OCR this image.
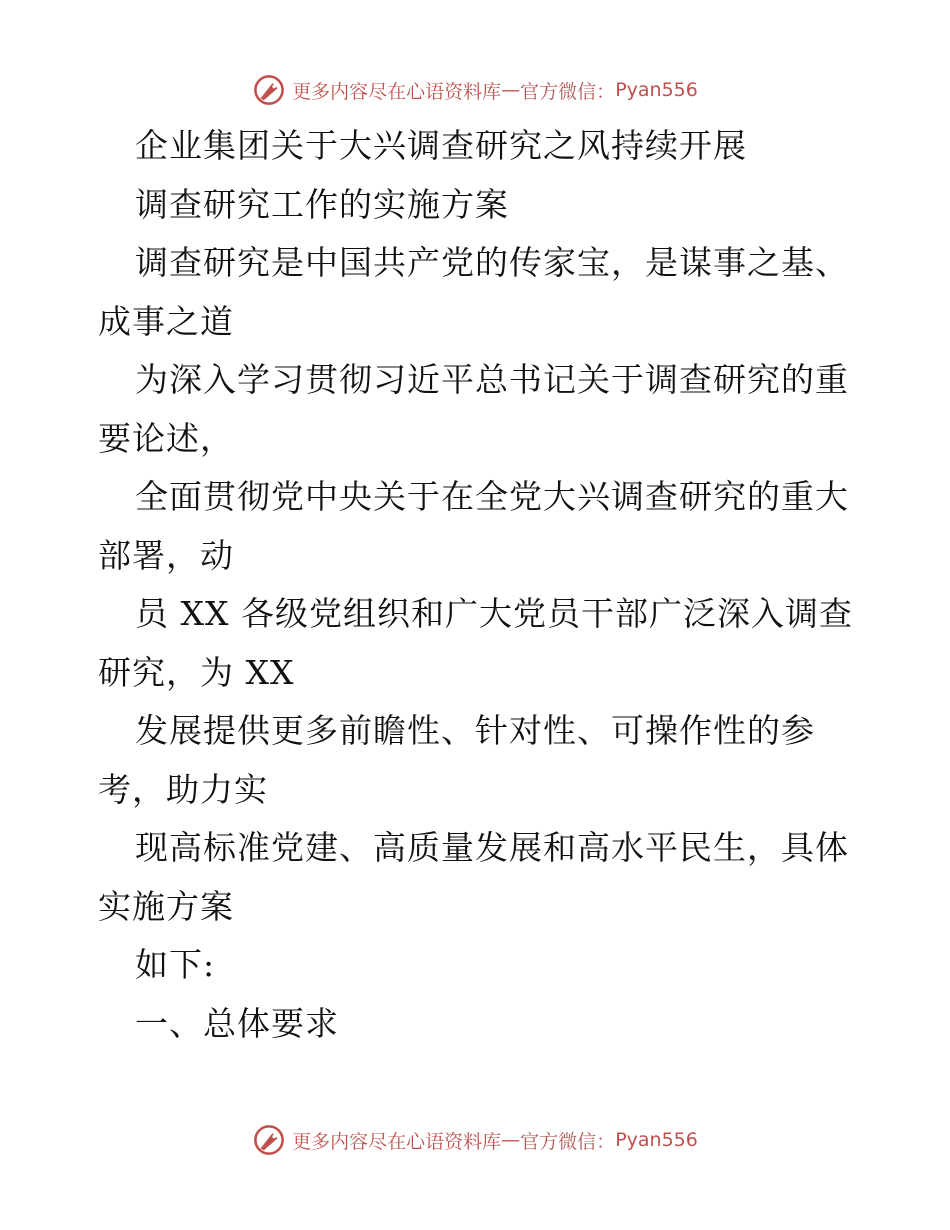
更多内容尽在心语资料库 — 官方微信： Pyan556
企业集团关于大兴调查研究之风持续开展
调查研究工作的实施方案
调查研究是中国共产党的传家宝，是谋事之基、
成事之道
为深入学习贯彻习近平总书记关于调查研究的重
要论述，
全面贯彻党中央关于在全党大兴调查研究的重大
部署，动
员 XX 各级党组织和广大党员干部广泛深入调查
研究，为 XX
发展提供更多前瞻性、针对性、可操作性的参
考，助力实
现高标准党建、高质量发展和高水平民生，具体
实施方案
如下:
一、总体要求
更多内容尽在心语资料库 — 官方微信： Pyan556
